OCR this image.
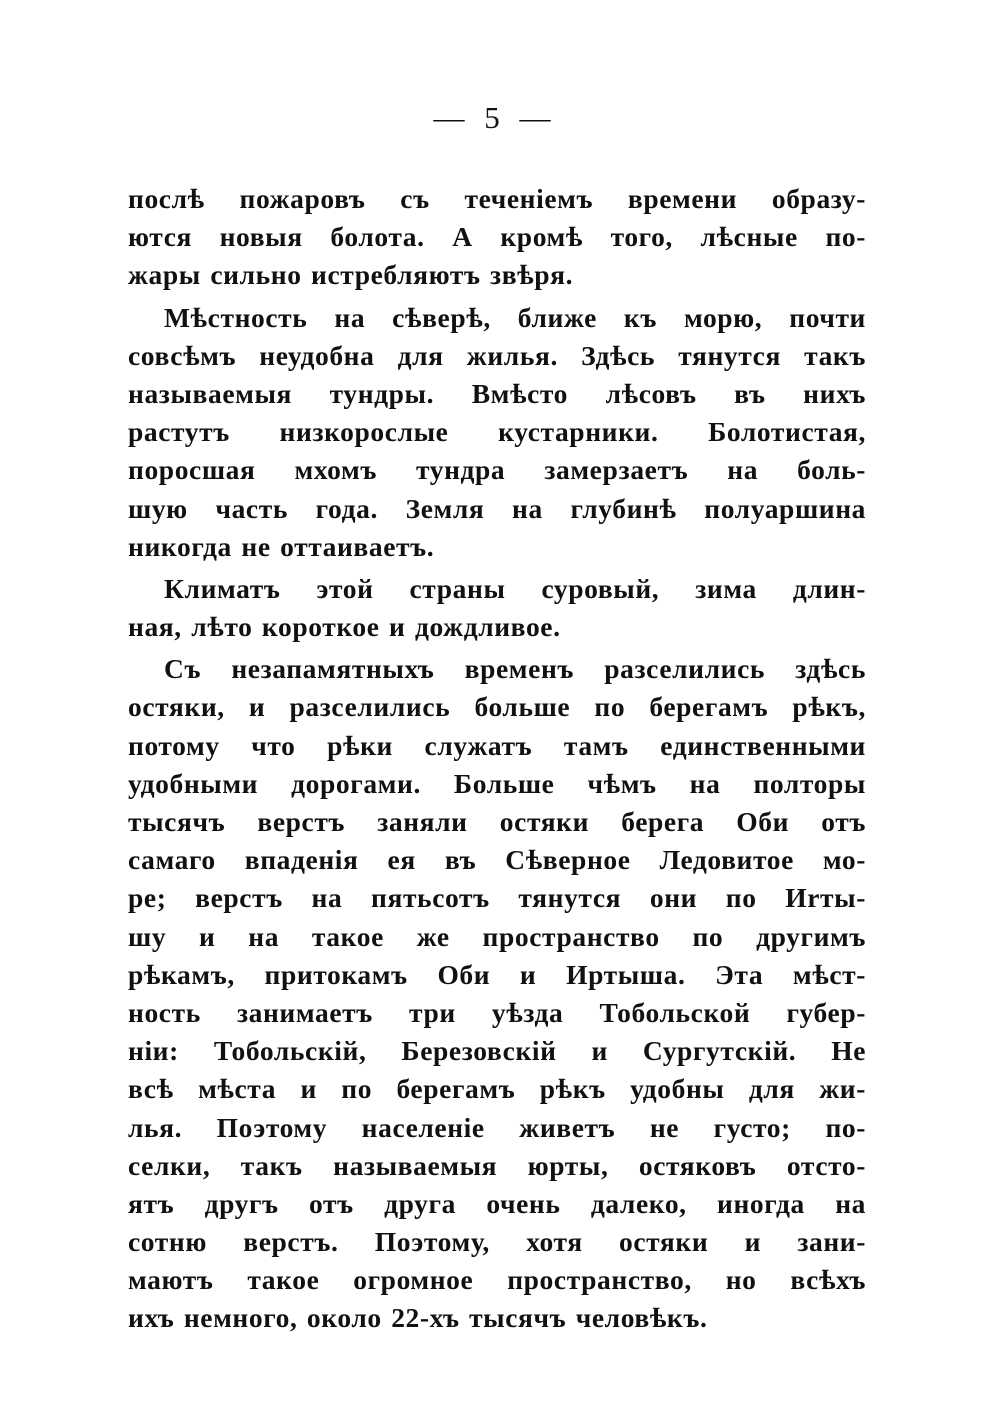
— 5 —
послѣ пожаровъ съ теченіемъ времени образу-
ются новыя болота. А кромѣ того, лѣсные по-
жары сильно истребляютъ звѣря.
Мѣстность на сѣверѣ, ближе къ морю, почти
совсѣмъ неудобна для жилья. Здѣсь тянутся такъ
называемыя тундры. Вмѣсто лѣсовъ въ нихъ
растутъ низкорослые кустарники. Болотистая,
поросшая мхомъ тундра замерзаетъ на боль-
шую часть года. Земля на глубинѣ полуаршина
никогда не оттаиваетъ.
Климатъ этой страны суровый, зима длин-
ная, лѣто короткое и дождливое.
Съ незапамятныхъ временъ разселились здѣсь
остяки, и разселились больше по берегамъ рѣкъ,
потому что рѣки служатъ тамъ единственными
удобными дорогами. Больше чѣмъ на полторы
тысячъ верстъ заняли остяки берега Оби отъ
самаго впаденія ея въ Сѣверное Ледовитое мо-
ре; верстъ на пятьсотъ тянутся они по Иrты-
шу и на такое же пространство по другимъ
рѣкамъ, притокамъ Оби и Иртыша. Эта мѣст-
ность занимаетъ три уѣзда Тобольской губер-
ніи: Тобольскій, Березовскій и Сургутскій. Не
всѣ мѣста и по берегамъ рѣкъ удобны для жи-
лья. Поэтому населеніе живетъ не густо; по-
селки, такъ называемыя юрты, остяковъ отсто-
ятъ другъ отъ друга очень далеко, иногда на
сотню верстъ. Поэтому, хотя остяки и зани-
маютъ такое огромное пространство, но всѣхъ
ихъ немного, около 22-хъ тысячъ человѣкъ.
